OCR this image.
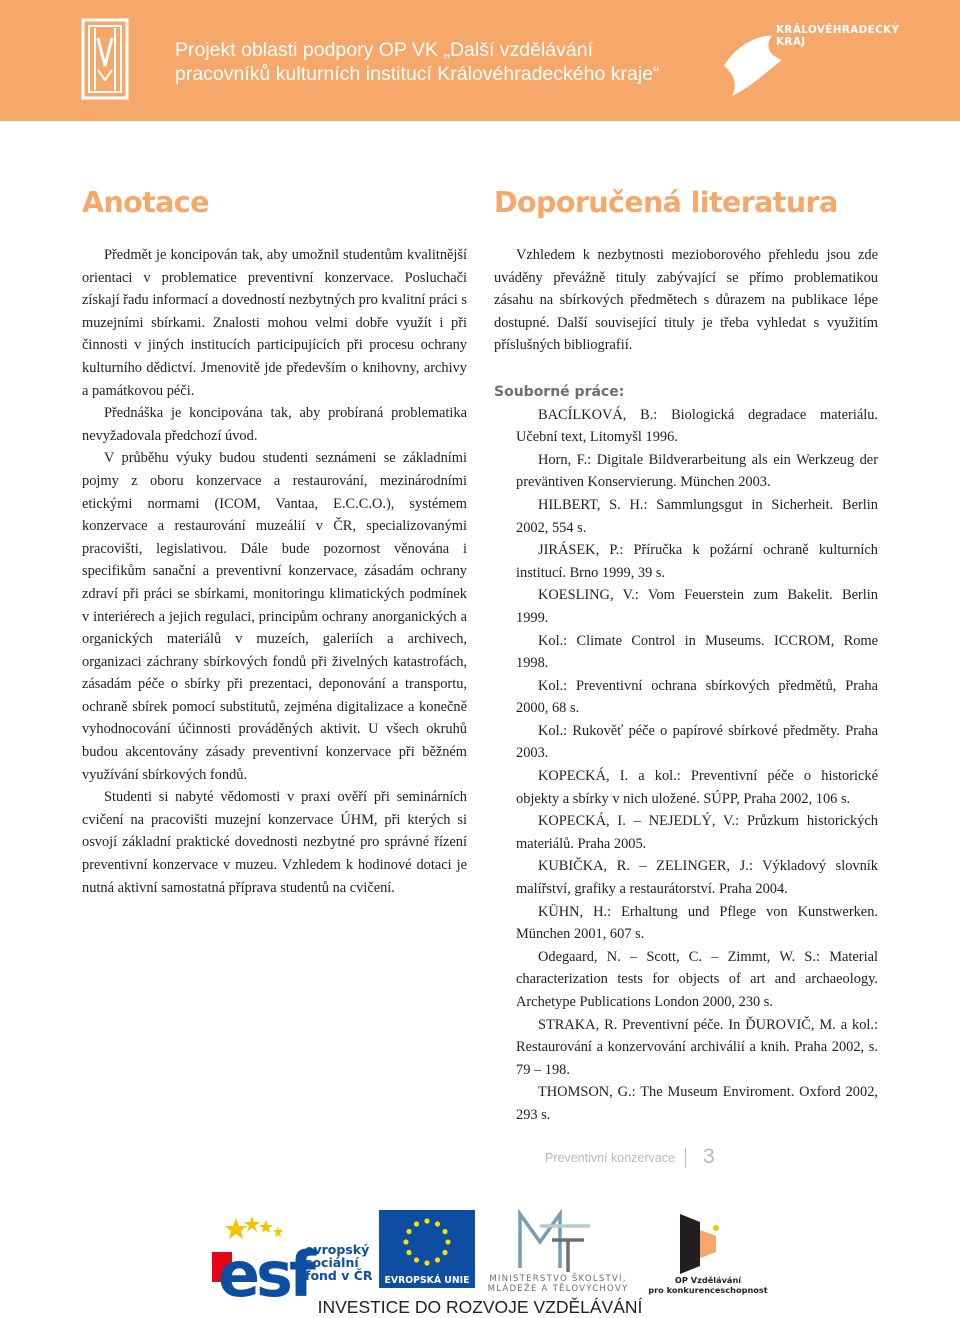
Projekt oblasti podpory OP VK „Další vzdělávání
pracovníků kulturních institucí Královéhradeckého kraje“
KRÁLOVÉHRADECKÝ
KRAJ
Anotace	Doporučená literatura

Předmět je koncipován tak, aby umožnil studentům kvalitnější orientaci v problematice preventivní konzervace. Posluchači získají řadu informací a dovedností nezbytných pro kvalitní práci s muzejními sbírkami. Znalosti mohou velmi dobře využít i při činnosti v jiných institucích participujících při procesu ochrany kulturního dědictví. Jmenovitě jde především o knihovny, archivy a památkovou péči.

Přednáška je koncipována tak, aby probíraná problematika nevyžadovala předchozí úvod.

V průběhu výuky budou studenti seznámeni se základními pojmy z oboru konzervace a restaurování, mezinárodními etickými normami (ICOM, Vantaa, E.C.C.O.), systémem konzervace a restaurování muzeálií v ČR, specializovanými pracovišti, legislativou. Dále bude pozornost věnována i specifikům sanační a preventivní konzervace, zásadám ochrany zdraví při práci se sbírkami, monitoringu klimatických podmínek v interiérech a jejich regulaci, principům ochrany anorganických a organických materiálů v muzeích, galeriích a archivech, organizaci záchrany sbírkových fondů při živelných katastrofách, zásadám péče o sbírky při prezentaci, deponování a transportu, ochraně sbírek pomocí substitutů, zejména digitalizace a konečně vyhodnocování účinnosti prováděných aktivit. U všech okruhů budou akcentovány zásady preventivní konzervace při běžném využívání sbírkových fondů.

Studenti si nabyté vědomosti v praxi ověří při seminárních cvičení na pracovišti muzejní konzervace ÚHM, při kterých si osvojí základní praktické dovednosti nezbytné pro správné řízení preventivní konzervace v muzeu. Vzhledem k hodinové dotaci je nutná aktivní samostatná příprava studentů na cvičení.

Vzhledem k nezbytnosti mezioborového přehledu jsou zde uváděny převážně tituly zabývající se přímo problematikou zásahu na sbírkových předmětech s důrazem na publikace lépe dostupné. Další související tituly je třeba vyhledat s využitím příslušných bibliografií.

Souborné práce:

BACÍLKOVÁ, B.: Biologická degradace materiálu. Učební text, Litomyšl 1996.

Horn, F.: Digitale Bildverarbeitung als ein Werkzeug der preväntiven Konservierung. München 2003.

HILBERT, S. H.: Sammlungsgut in Sicherheit. Berlin 2002, 554 s.

JIRÁSEK, P.: Příručka k požární ochraně kulturních institucí. Brno 1999, 39 s.

KOESLING, V.: Vom Feuerstein zum Bakelit. Berlin 1999.

Kol.: Climate Control in Museums. ICCROM, Rome 1998.

Kol.: Preventivní ochrana sbírkových předmětů, Praha 2000, 68 s.

Kol.: Rukověť péče o papírové sbírkové předměty. Praha 2003.

KOPECKÁ, I. a kol.: Preventivní péče o historické objekty a sbírky v nich uložené. SÚPP, Praha 2002, 106 s.

KOPECKÁ, I. – NEJEDLÝ, V.: Průzkum historických materiálů. Praha 2005.

KUBIČKA, R. – ZELINGER, J.: Výkladový slovník malířství, grafiky a restaurátorství. Praha 2004.

KÜHN, H.: Erhaltung und Pflege von Kunstwerken. München 2001, 607 s.

Odegaard, N. – Scott, C. – Zimmt, W. S.: Material characterization tests for objects of art and archaeology. Archetype Publications London 2000, 230 s.

STRAKA, R. Preventivní péče. In ĎUROVIČ, M. a kol.: Restaurování a konzervování archiválií a knih. Praha 2002, s. 79 – 198.

THOMSON, G.: The Museum Enviroment. Oxford 2002, 293 s.

Preventivní konzervace 3
esf
evropský
sociální
fond v ČR	EVROPSKÁ UNIE	MINISTERSTVO ŠKOLSTVÍ,
MLÁDEŽE A TĚLOVÝCHOVY
OP Vzdělávání
pro konkurenceschopnost
INVESTICE DO ROZVOJE VZDĚLÁVÁNÍ
